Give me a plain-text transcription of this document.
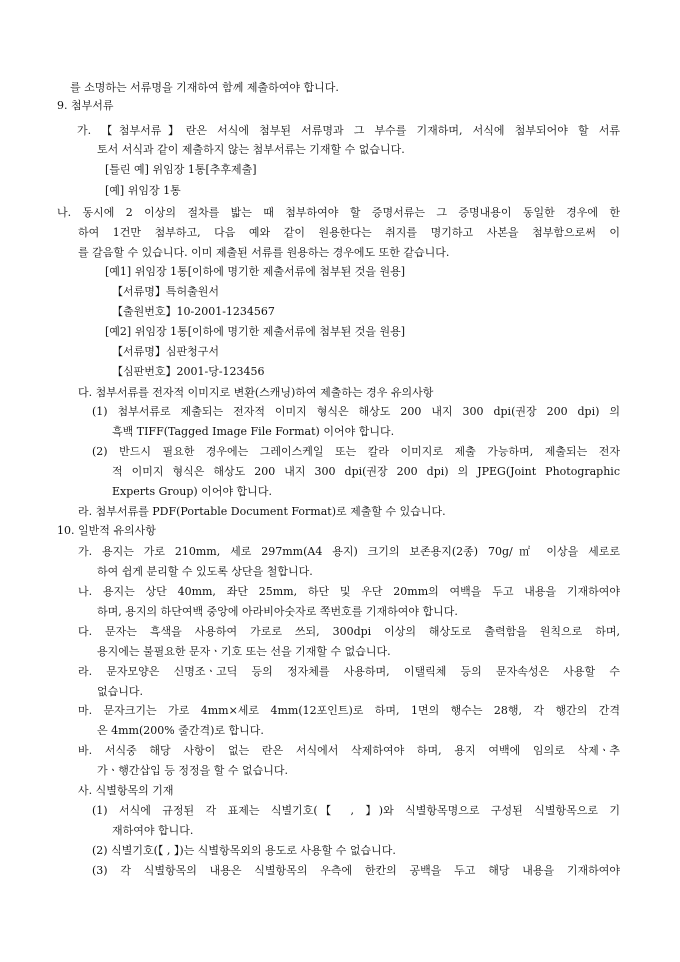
를 소명하는 서류명을 기재하여 함께 제출하여야 합니다.
9. 첨부서류
가. 【첨부서류】란은 서식에 첨부된 서류명과 그 부수를 기재하며, 서식에 첨부되어야 할 서류
토서 서식과 같이 제출하지 않는 첨부서류는 기재할 수 없습니다.
[틀린 예] 위임장 1통[추후제출]
[예] 위임장 1통
나. 동시에 2 이상의 절차를 밟는 때 첨부하여야 할 증명서류는 그 증명내용이 동일한 경우에 한
하여 1건만 첨부하고, 다음 예와 같이 원용한다는 취지를 명기하고 사본을 첨부함으로써 이
를 갈음할 수 있습니다. 이미 제출된 서류를 원용하는 경우에도 또한 같습니다.
[예1] 위임장 1통[이하에 명기한 제출서류에 첨부된 것을 원용]
【서류명】특허출원서
【출원번호】10-2001-1234567
[예2] 위임장 1통[이하에 명기한 제출서류에 첨부된 것을 원용]
【서류명】심판청구서
【심판번호】2001-당-123456
다. 첨부서류를 전자적 이미지로 변환(스캐닝)하여 제출하는 경우 유의사항
(1) 첨부서류로 제출되는 전자적 이미지 형식은 해상도 200 내지 300 dpi(권장 200 dpi) 의
흑백 TIFF(Tagged Image File Format) 이어야 합니다.
(2) 반드시 필요한 경우에는 그레이스케일 또는 칼라 이미지로 제출 가능하며, 제출되는 전자
적 이미지 형식은 해상도 200 내지 300 dpi(권장 200 dpi) 의 JPEG(Joint Photographic
Experts Group) 이어야 합니다.
라. 첨부서류를 PDF(Portable Document Format)로 제출할 수 있습니다.
10. 일반적 유의사항
가. 용지는 가로 210mm, 세로 297mm(A4 용지) 크기의 보존용지(2종) 70g/㎡ 이상을 세로로
하여 쉽게 분리할 수 있도록 상단을 철합니다.
나. 용지는 상단 40mm, 좌단 25mm, 하단 및 우단 20mm의 여백을 두고 내용을 기재하여야
하며, 용지의 하단여백 중앙에 아라비아숫자로 쪽번호를 기재하여야 합니다.
다. 문자는 흑색을 사용하여 가로로 쓰되, 300dpi 이상의 해상도로 출력함을 원칙으로 하며,
용지에는 불필요한 문자ㆍ기호 또는 선을 기재할 수 없습니다.
라. 문자모양은 신명조ㆍ고딕 등의 정자체를 사용하며, 이탤릭체 등의 문자속성은 사용할 수
없습니다.
마. 문자크기는 가로 4mm×세로 4mm(12포인트)로 하며, 1면의 행수는 28행, 각 행간의 간격
은 4mm(200% 줄간격)로 합니다.
바. 서식중 해당 사항이 없는 란은 서식에서 삭제하여야 하며, 용지 여백에 임의로 삭제ㆍ추
가ㆍ행간삽입 등 정정을 할 수 없습니다.
사. 식별항목의 기재
(1) 서식에 규정된 각 표제는 식별기호(【 , 】)와 식별항목명으로 구성된 식별항목으로 기
재하여야 합니다.
(2) 식별기호(【 , 】)는 식별항목외의 용도로 사용할 수 없습니다.
(3) 각 식별항목의 내용은 식별항목의 우측에 한칸의 공백을 두고 해당 내용을 기재하여야
